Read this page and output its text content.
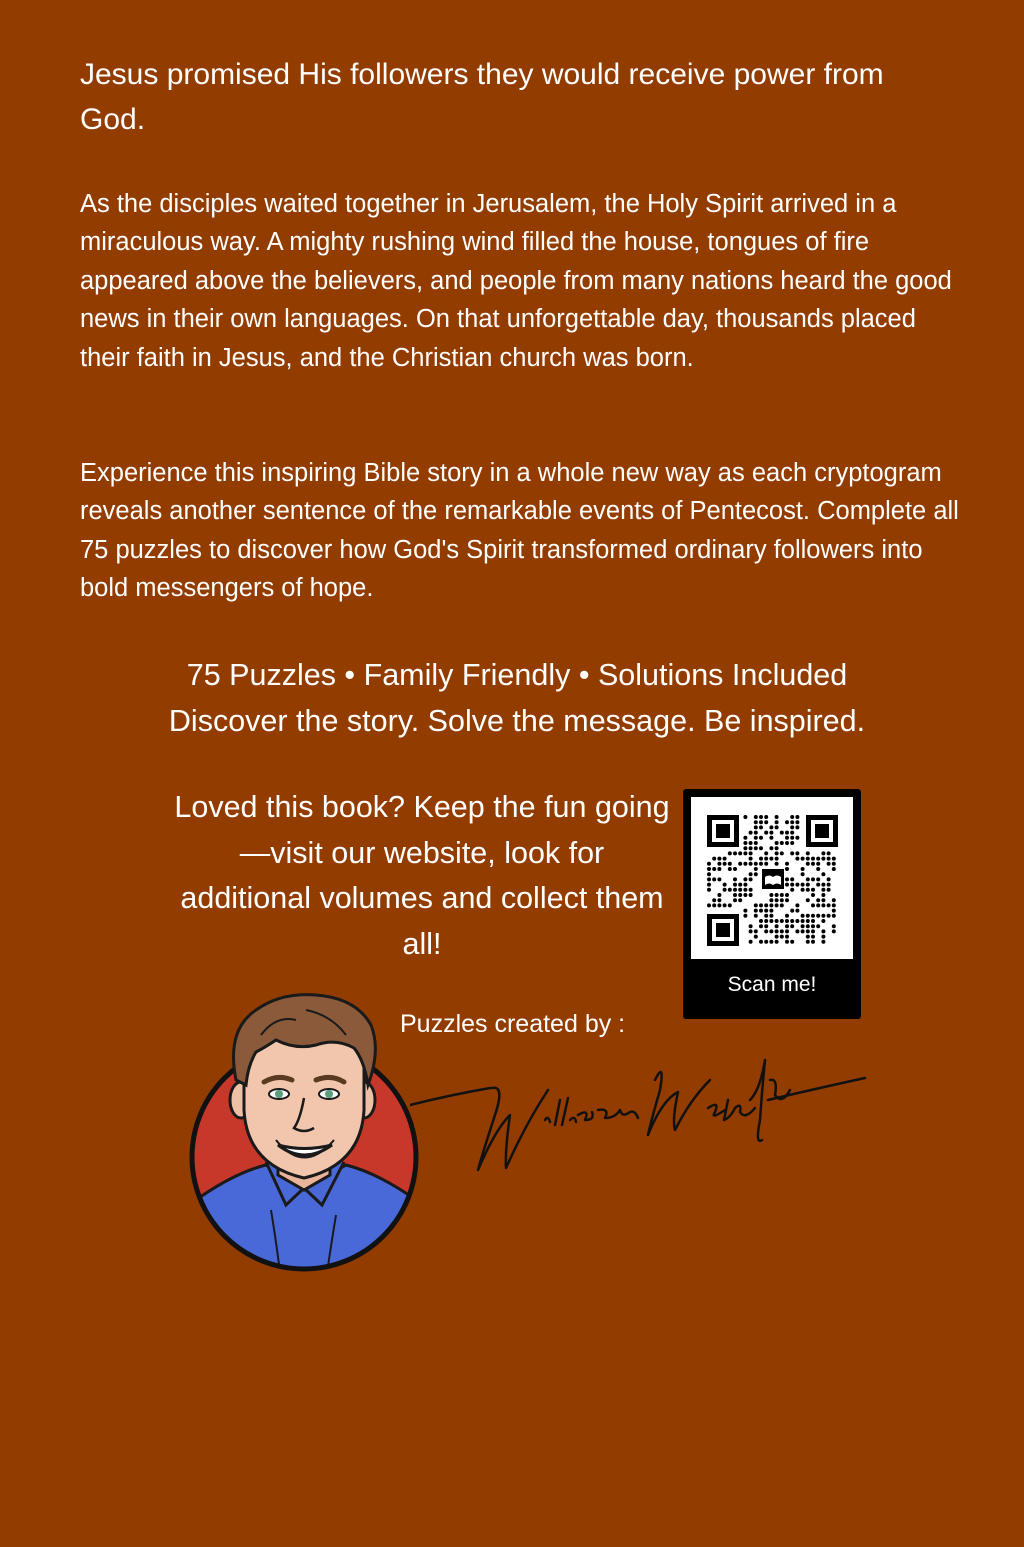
Jesus promised His followers they would receive power from God.

As the disciples waited together in Jerusalem, the Holy Spirit arrived in a miraculous way. A mighty rushing wind filled the house, tongues of fire appeared above the believers, and people from many nations heard the good news in their own languages. On that unforgettable day, thousands placed their faith in Jesus, and the Christian church was born.

Experience this inspiring Bible story in a whole new way as each cryptogram reveals another sentence of the remarkable events of Pentecost. Complete all 75 puzzles to discover how God's Spirit transformed ordinary followers into bold messengers of hope.

75 Puzzles • Family Friendly • Solutions Included
Discover the story. Solve the message. Be inspired.
Loved this book? Keep the fun going—visit our website, look for additional volumes and collect them all!
Scan me!
Puzzles created by :
